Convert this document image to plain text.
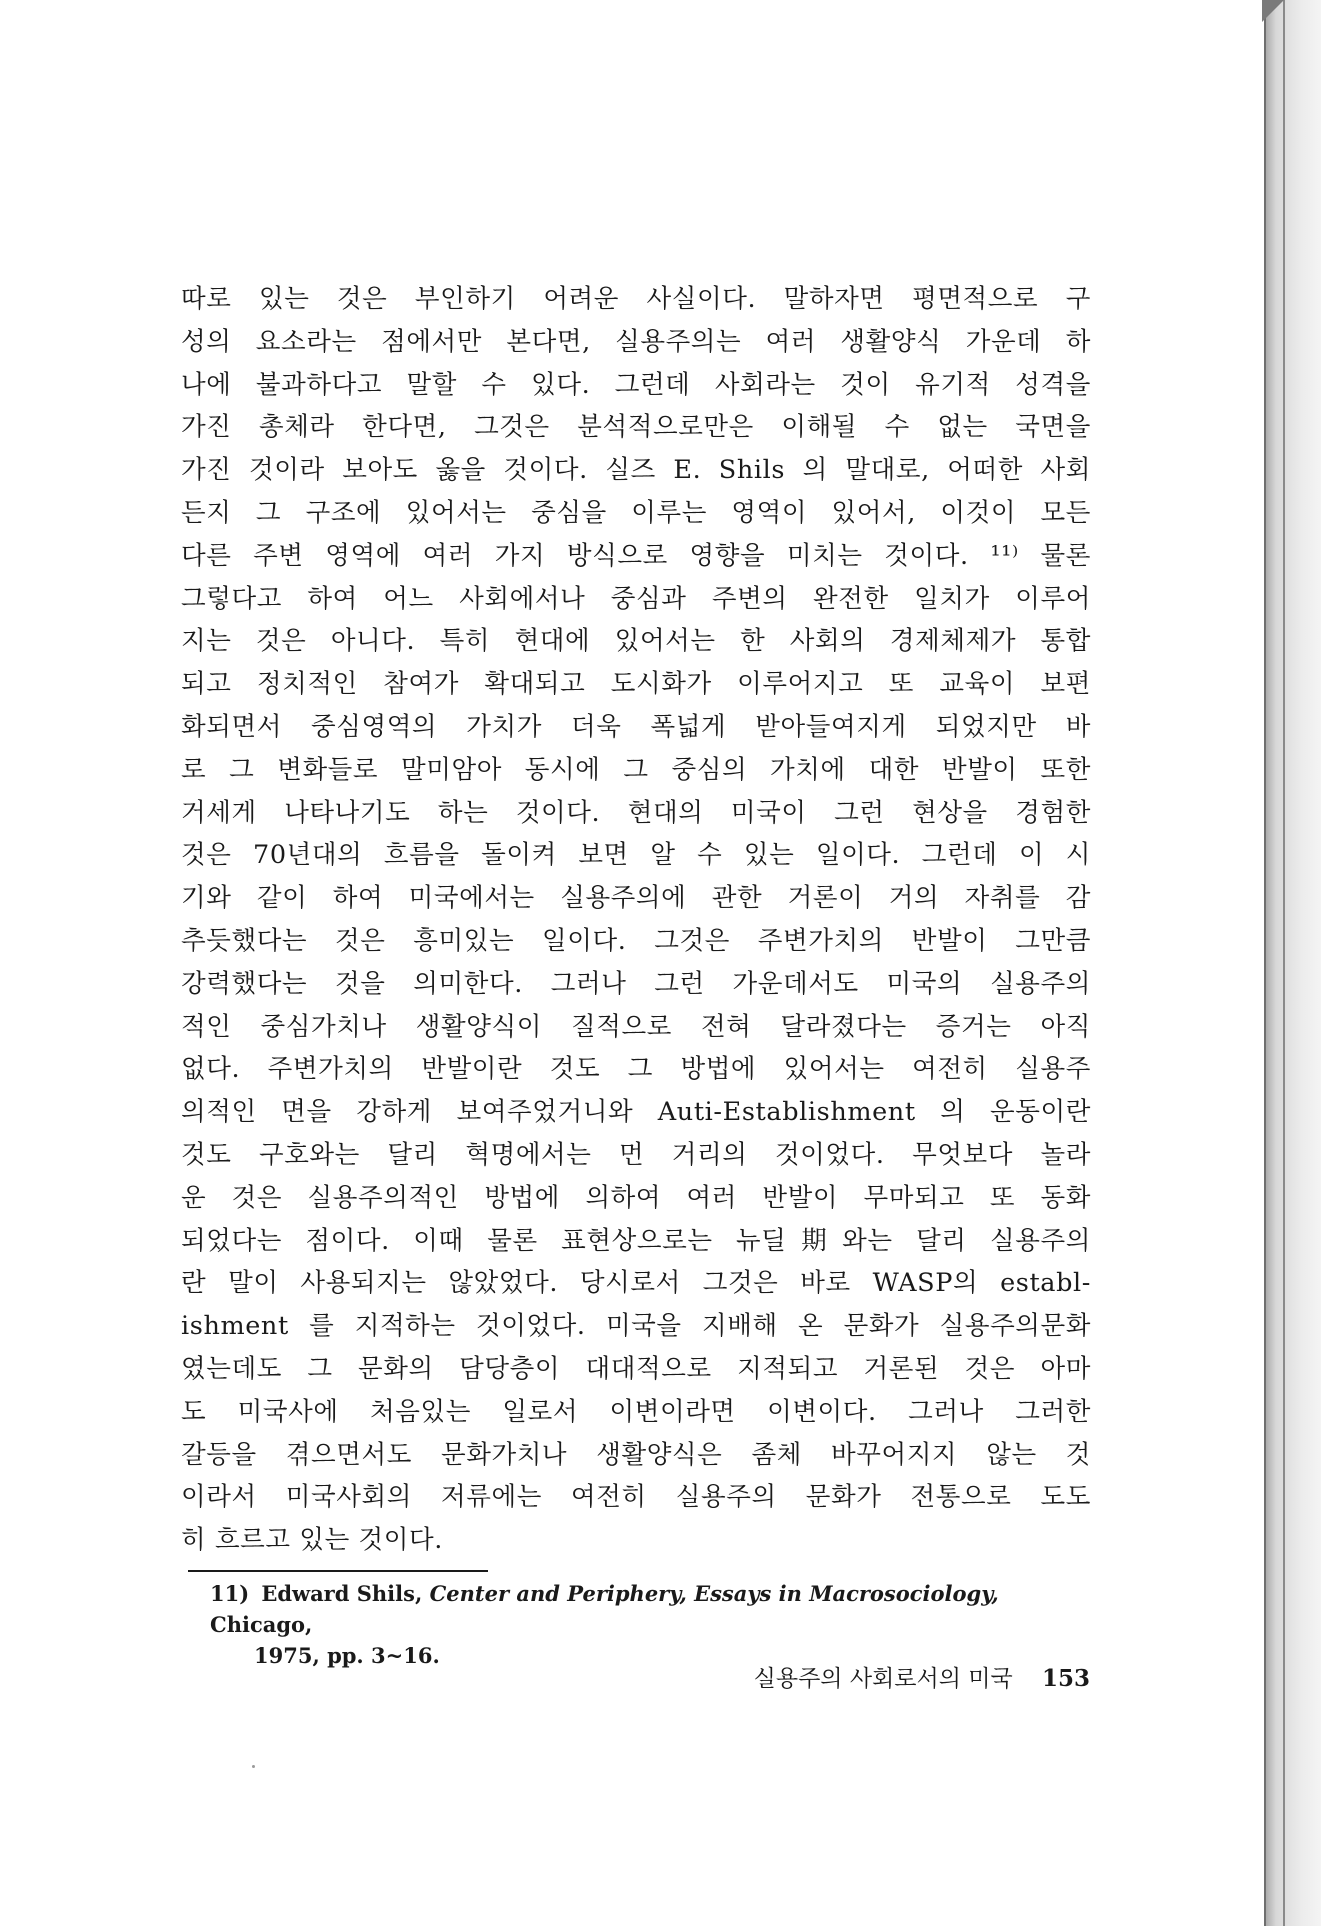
따로 있는 것은 부인하기 어려운 사실이다. 말하자면 평면적으로 구
성의 요소라는 점에서만 본다면, 실용주의는 여러 생활양식 가운데 하
나에 불과하다고 말할 수 있다. 그런데 사회라는 것이 유기적 성격을
가진 총체라 한다면, 그것은 분석적으로만은 이해될 수 없는 국면을
가진 것이라 보아도 옳을 것이다. 실즈 E. Shils 의 말대로, 어떠한 사회
든지 그 구조에 있어서는 중심을 이루는 영역이 있어서, 이것이 모든
다른 주변 영역에 여러 가지 방식으로 영향을 미치는 것이다. ¹¹⁾ 물론
그렇다고 하여 어느 사회에서나 중심과 주변의 완전한 일치가 이루어
지는 것은 아니다. 특히 현대에 있어서는 한 사회의 경제체제가 통합
되고 정치적인 참여가 확대되고 도시화가 이루어지고 또 교육이 보편
화되면서 중심영역의 가치가 더욱 폭넓게 받아들여지게 되었지만 바
로 그 변화들로 말미암아 동시에 그 중심의 가치에 대한 반발이 또한
거세게 나타나기도 하는 것이다. 현대의 미국이 그런 현상을 경험한
것은 70년대의 흐름을 돌이켜 보면 알 수 있는 일이다. 그런데 이 시
기와 같이 하여 미국에서는 실용주의에 관한 거론이 거의 자취를 감
추듯했다는 것은 흥미있는 일이다. 그것은 주변가치의 반발이 그만큼
강력했다는 것을 의미한다. 그러나 그런 가운데서도 미국의 실용주의
적인 중심가치나 생활양식이 질적으로 전혀 달라졌다는 증거는 아직
없다. 주변가치의 반발이란 것도 그 방법에 있어서는 여전히 실용주
의적인 면을 강하게 보여주었거니와 Auti-Establishment 의 운동이란
것도 구호와는 달리 혁명에서는 먼 거리의 것이었다. 무엇보다 놀라
운 것은 실용주의적인 방법에 의하여 여러 반발이 무마되고 또 동화
되었다는 점이다. 이때 물론 표현상으로는 뉴딜期와는 달리 실용주의
란 말이 사용되지는 않았었다. 당시로서 그것은 바로 WASP의 establ-
ishment 를 지적하는 것이었다. 미국을 지배해 온 문화가 실용주의문화
였는데도 그 문화의 담당층이 대대적으로 지적되고 거론된 것은 아마
도 미국사에 처음있는 일로서 이변이라면 이변이다. 그러나 그러한
갈등을 겪으면서도 문화가치나 생활양식은 좀체 바꾸어지지 않는 것
이라서 미국사회의 저류에는 여전히 실용주의 문화가 전통으로 도도
히 흐르고 있는 것이다.
11) Edward Shils, Center and Periphery, Essays in Macrosociology, Chicago,
1975, pp. 3~16.
실용주의 사회로서의 미국 153
